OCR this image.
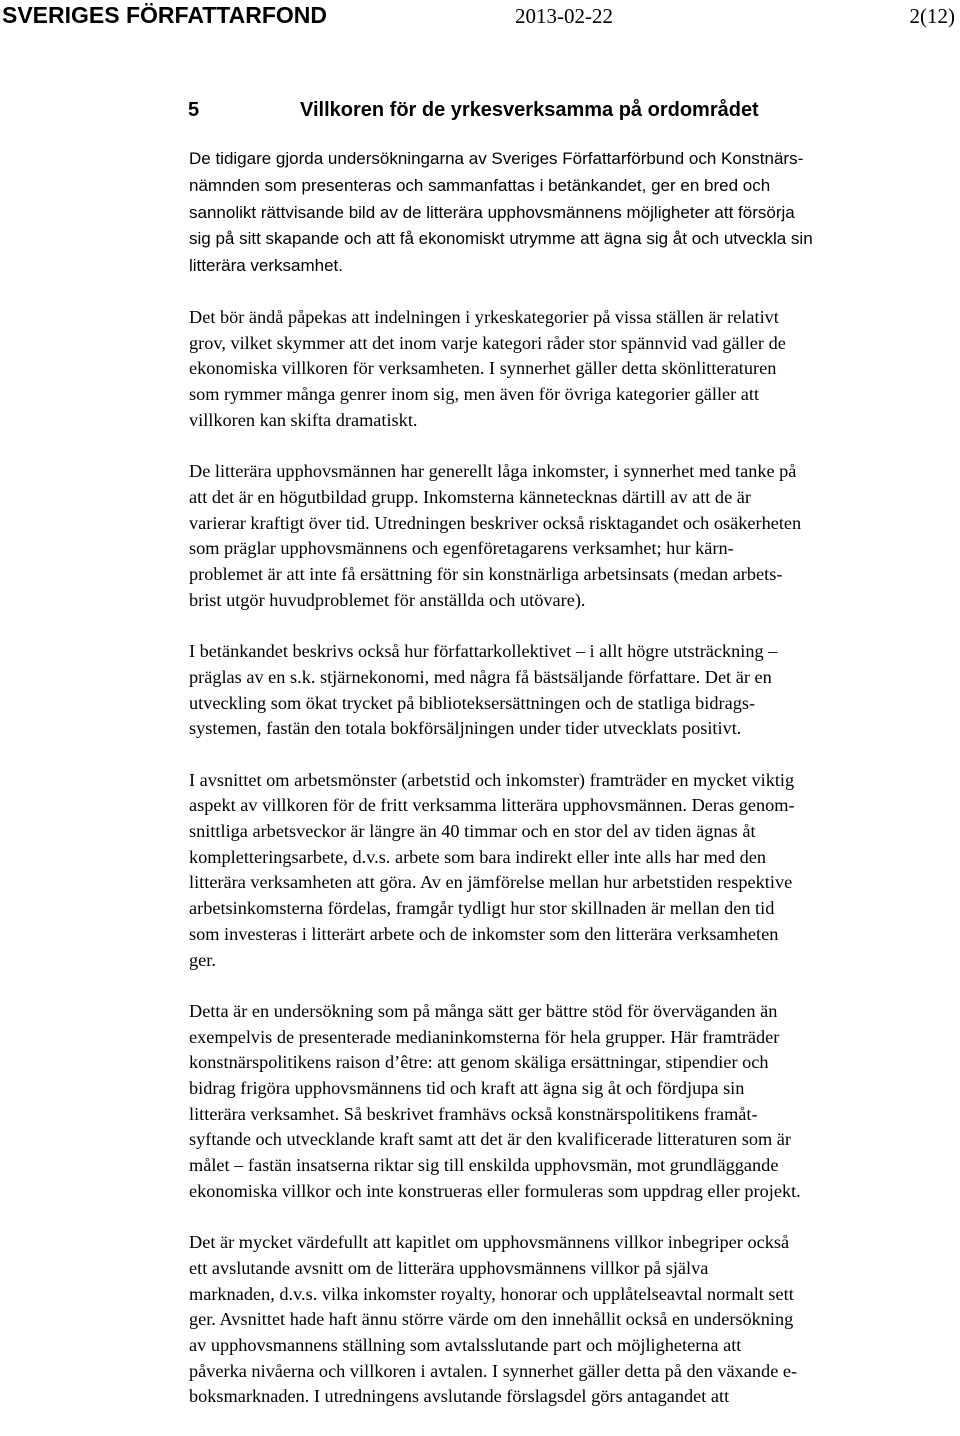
SVERIGES FÖRFATTARFOND	2013-02-22	2(12)
5	Villkoren för de yrkesverksamma på ordområdet

De tidigare gjorda undersökningarna av Sveriges Författarförbund och Konstnärs-
nämnden som presenteras och sammanfattas i betänkandet, ger en bred och
sannolikt rättvisande bild av de litterära upphovsmännens möjligheter att försörja
sig på sitt skapande och att få ekonomiskt utrymme att ägna sig åt och utveckla sin
litterära verksamhet.

Det bör ändå påpekas att indelningen i yrkeskategorier på vissa ställen är relativt
grov, vilket skymmer att det inom varje kategori råder stor spännvid vad gäller de
ekonomiska villkoren för verksamheten. I synnerhet gäller detta skönlitteraturen
som rymmer många genrer inom sig, men även för övriga kategorier gäller att
villkoren kan skifta dramatiskt.

De litterära upphovsmännen har generellt låga inkomster, i synnerhet med tanke på
att det är en högutbildad grupp. Inkomsterna kännetecknas därtill av att de är
varierar kraftigt över tid. Utredningen beskriver också risktagandet och osäkerheten
som präglar upphovsmännens och egenföretagarens verksamhet; hur kärn-
problemet är att inte få ersättning för sin konstnärliga arbetsinsats (medan arbets-
brist utgör huvudproblemet för anställda och utövare).

I betänkandet beskrivs också hur författarkollektivet – i allt högre utsträckning –
präglas av en s.k. stjärnekonomi, med några få bästsäljande författare. Det är en
utveckling som ökat trycket på biblioteksersättningen och de statliga bidrags-
systemen, fastän den totala bokförsäljningen under tider utvecklats positivt.

I avsnittet om arbetsmönster (arbetstid och inkomster) framträder en mycket viktig
aspekt av villkoren för de fritt verksamma litterära upphovsmännen. Deras genom-
snittliga arbetsveckor är längre än 40 timmar och en stor del av tiden ägnas åt
kompletteringsarbete, d.v.s. arbete som bara indirekt eller inte alls har med den
litterära verksamheten att göra. Av en jämförelse mellan hur arbetstiden respektive
arbetsinkomsterna fördelas, framgår tydligt hur stor skillnaden är mellan den tid
som investeras i litterärt arbete och de inkomster som den litterära verksamheten
ger.

Detta är en undersökning som på många sätt ger bättre stöd för överväganden än
exempelvis de presenterade medianinkomsterna för hela grupper. Här framträder
konstnärspolitikens raison d’être: att genom skäliga ersättningar, stipendier och
bidrag frigöra upphovsmännens tid och kraft att ägna sig åt och fördjupa sin
litterära verksamhet. Så beskrivet framhävs också konstnärspolitikens framåt-
syftande och utvecklande kraft samt att det är den kvalificerade litteraturen som är
målet – fastän insatserna riktar sig till enskilda upphovsmän, mot grundläggande
ekonomiska villkor och inte konstrueras eller formuleras som uppdrag eller projekt.

Det är mycket värdefullt att kapitlet om upphovsmännens villkor inbegriper också
ett avslutande avsnitt om de litterära upphovsmännens villkor på själva
marknaden, d.v.s. vilka inkomster royalty, honorar och upplåtelseavtal normalt sett
ger. Avsnittet hade haft ännu större värde om den innehållit också en undersökning
av upphovsmannens ställning som avtalsslutande part och möjligheterna att
påverka nivåerna och villkoren i avtalen. I synnerhet gäller detta på den växande e-
boksmarknaden. I utredningens avslutande förslagsdel görs antagandet att
